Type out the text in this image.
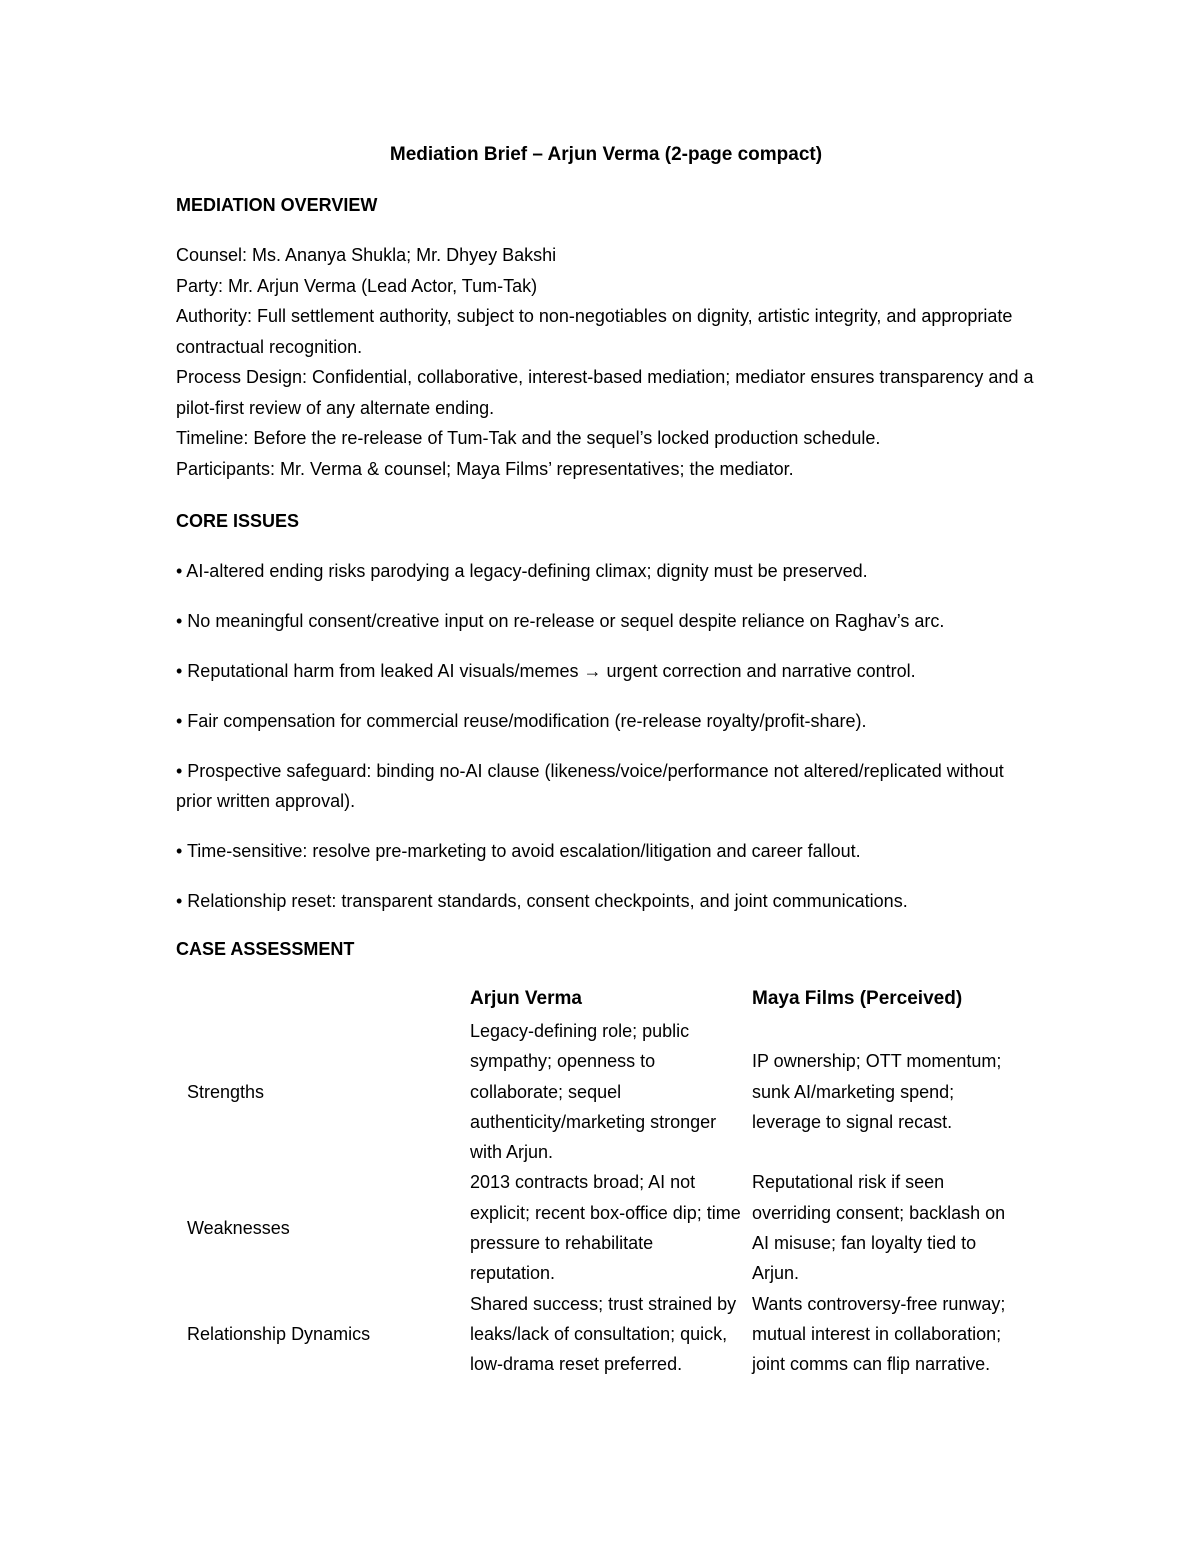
Mediation Brief – Arjun Verma (2-page compact)
MEDIATION OVERVIEW

Counsel: Ms. Ananya Shukla; Mr. Dhyey Bakshi

Party: Mr. Arjun Verma (Lead Actor, Tum-Tak)

Authority: Full settlement authority, subject to non-negotiables on dignity, artistic integrity, and appropriate contractual recognition.

Process Design: Confidential, collaborative, interest-based mediation; mediator ensures transparency and a pilot-first review of any alternate ending.

Timeline: Before the re-release of Tum-Tak and the sequel’s locked production schedule.

Participants: Mr. Verma & counsel; Maya Films’ representatives; the mediator.

CORE ISSUES
• AI-altered ending risks parodying a legacy-defining climax; dignity must be preserved.
• No meaningful consent/creative input on re-release or sequel despite reliance on Raghav’s arc.
• Reputational harm from leaked AI visuals/memes → urgent correction and narrative control.
• Fair compensation for commercial reuse/modification (re-release royalty/profit-share).
• Prospective safeguard: binding no-AI clause (likeness/voice/performance not altered/replicated without prior written approval).
• Time-sensitive: resolve pre-marketing to avoid escalation/litigation and career fallout.
• Relationship reset: transparent standards, consent checkpoints, and joint communications.
CASE ASSESSMENT
Arjun Verma	Maya Films (Perceived)
Strengths
Legacy-defining role; public sympathy; openness to collaborate; sequel authenticity/marketing stronger with Arjun.
IP ownership; OTT momentum; sunk AI/marketing spend; leverage to signal recast.
Weaknesses
2013 contracts broad; AI not explicit; recent box-office dip; time pressure to rehabilitate reputation.
Reputational risk if seen overriding consent; backlash on AI misuse; fan loyalty tied to Arjun.
Relationship Dynamics
Shared success; trust strained by leaks/lack of consultation; quick, low-drama reset preferred.
Wants controversy-free runway; mutual interest in collaboration; joint comms can flip narrative.
